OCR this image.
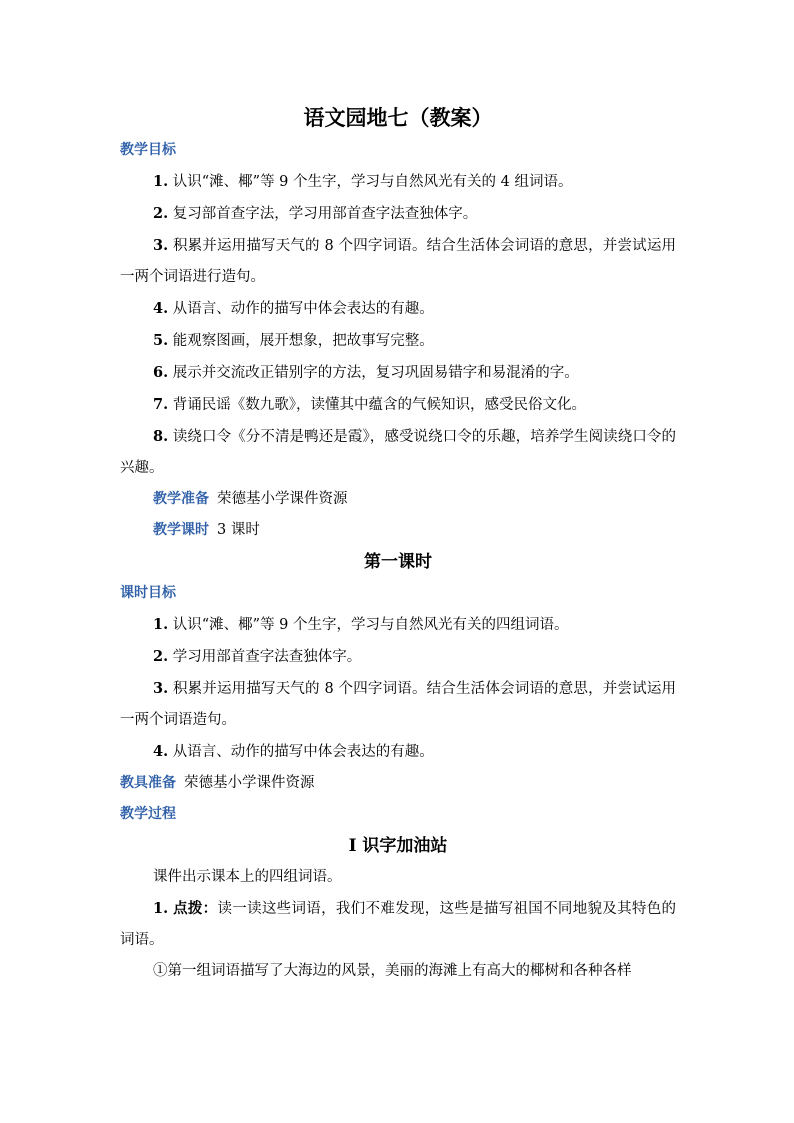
语文园地七（教案）
教学目标

1. 认识“滩、椰”等 9 个生字，学习与自然风光有关的 4 组词语。

2. 复习部首查字法，学习用部首查字法查独体字。

3. 积累并运用描写天气的 8 个四字词语。结合生活体会词语的意思，并尝试运用一两个词语进行造句。

4. 从语言、动作的描写中体会表达的有趣。

5. 能观察图画，展开想象，把故事写完整。

6. 展示并交流改正错别字的方法，复习巩固易错字和易混淆的字。

7. 背诵民谣《数九歌》，读懂其中蕴含的气候知识，感受民俗文化。

8. 读绕口令《分不清是鸭还是霞》，感受说绕口令的乐趣，培养学生阅读绕口令的兴趣。

教学准备 荣德基小学课件资源
教学课时 3 课时
第一课时
课时目标

1. 认识“滩、椰”等 9 个生字，学习与自然风光有关的四组词语。

2. 学习用部首查字法查独体字。

3. 积累并运用描写天气的 8 个四字词语。结合生活体会词语的意思，并尝试运用一两个词语造句。

4. 从语言、动作的描写中体会表达的有趣。

教具准备 荣德基小学课件资源
教学过程
Ⅰ 识字加油站

课件出示课本上的四组词语。

1. 点拨：读一读这些词语，我们不难发现，这些是描写祖国不同地貌及其特色的词语。

①第一组词语描写了大海边的风景，美丽的海滩上有高大的椰树和各种各样
